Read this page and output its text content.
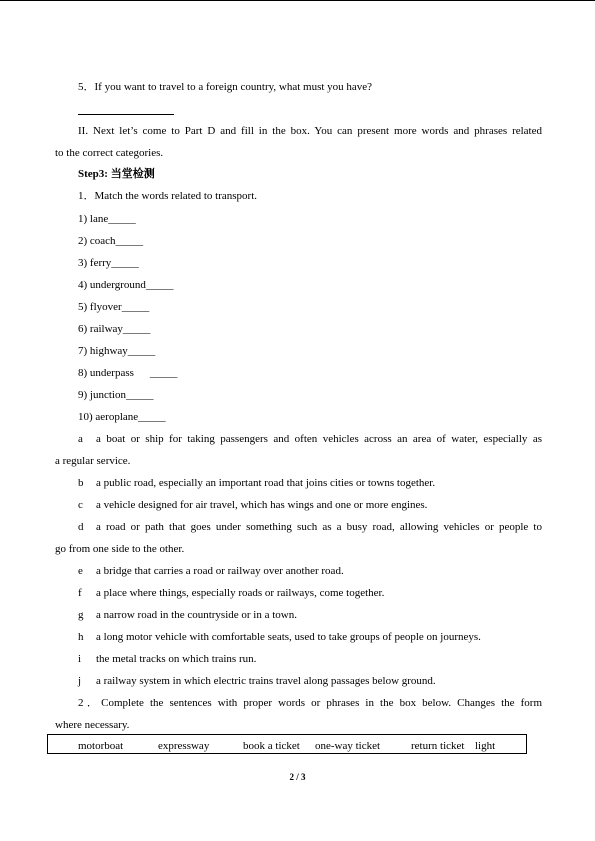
5．If you want to travel to a foreign country, what must you have?
II. Next let’s come to Part D and fill in the box. You can present more words and phrases related
to the correct categories.
Step3: 当堂检测
1．Match the words related to transport.
1) lane_____
2) coach_____
3) ferry_____
4) underground_____
5) flyover_____
6) railway_____
7) highway_____
8) underpass _____
9) junction_____
10) aeroplane_____
a a boat or ship for taking passengers and often vehicles across an area of water, especially as
a regular service.
b a public road, especially an important road that joins cities or towns together.
c a vehicle designed for air travel, which has wings and one or more engines.
d a road or path that goes under something such as a busy road, allowing vehicles or people to
go from one side to the other.
e a bridge that carries a road or railway over another road.
f a place where things, especially roads or railways, come together.
g a narrow road in the countryside or in a town.
h a long motor vehicle with comfortable seats, used to take groups of people on journeys.
i the metal tracks on which trains run.
j a railway system in which electric trains travel along passages below ground.
2．Complete the sentences with proper words or phrases in the box below. Changes the form
where necessary.
motorboat	expressway	book a ticket one-way ticket	return ticket light
2 / 3
